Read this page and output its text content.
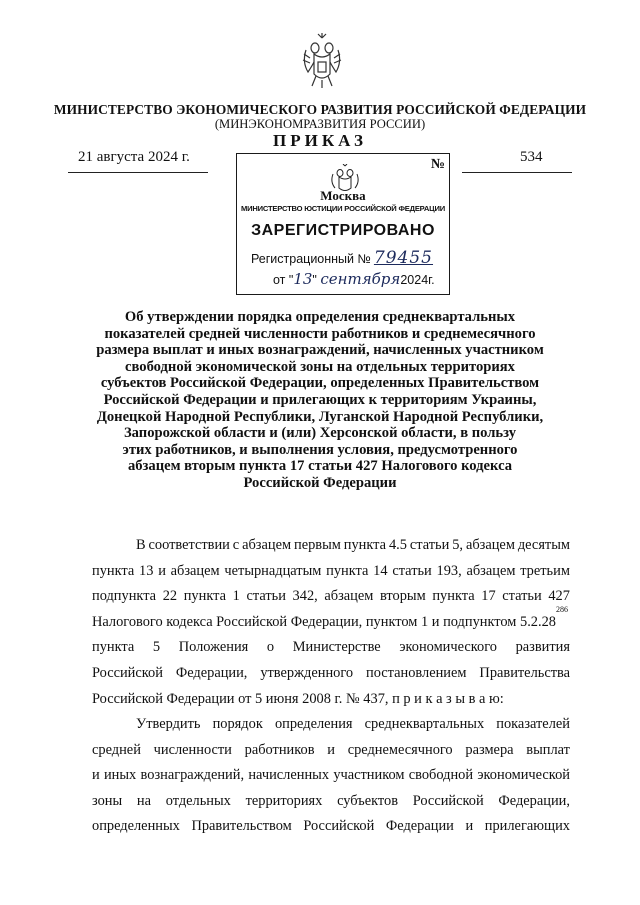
МИНИСТЕРСТВО ЭКОНОМИЧЕСКОГО РАЗВИТИЯ РОССИЙСКОЙ ФЕДЕРАЦИИ
(МИНЭКОНОМРАЗВИТИЯ РОССИИ)
ПРИКАЗ
21 августа 2024 г.	534
№
Москва
МИНИСТЕРСТВО ЮСТИЦИИ РОССИЙСКОЙ ФЕДЕРАЦИИ
ЗАРЕГИСТРИРОВАНО
Регистрационный № 79455
от "13" сентября2024г.
Об утверждении порядка определения среднеквартальных
показателей средней численности работников и среднемесячного
размера выплат и иных вознаграждений, начисленных участником
свободной экономической зоны на отдельных территориях
субъектов Российской Федерации, определенных Правительством
Российской Федерации и прилегающих к территориям Украины,
Донецкой Народной Республики, Луганской Народной Республики,
Запорожской области и (или) Херсонской области, в пользу
этих работников, и выполнения условия, предусмотренного
абзацем вторым пункта 17 статьи 427 Налогового кодекса
Российской Федерации
В соответствии с абзацем первым пункта 4.5 статьи 5, абзацем десятым
пункта 13 и абзацем четырнадцатым пункта 14 статьи 193, абзацем третьим
подпункта 22 пункта 1 статьи 342, абзацем вторым пункта 17 статьи 427
Налогового кодекса Российской Федерации, пунктом 1 и подпунктом 5.2.28
286
пункта 5 Положения о Министерстве экономического развития
Российской Федерации, утвержденного постановлением Правительства
Российской Федерации от 5 июня 2008 г. № 437, п р и к а з ы в а ю:
Утвердить порядок определения среднеквартальных показателей
средней численности работников и среднемесячного размера выплат
и иных вознаграждений, начисленных участником свободной экономической
зоны на отдельных территориях субъектов Российской Федерации,
определенных Правительством Российской Федерации и прилегающих
